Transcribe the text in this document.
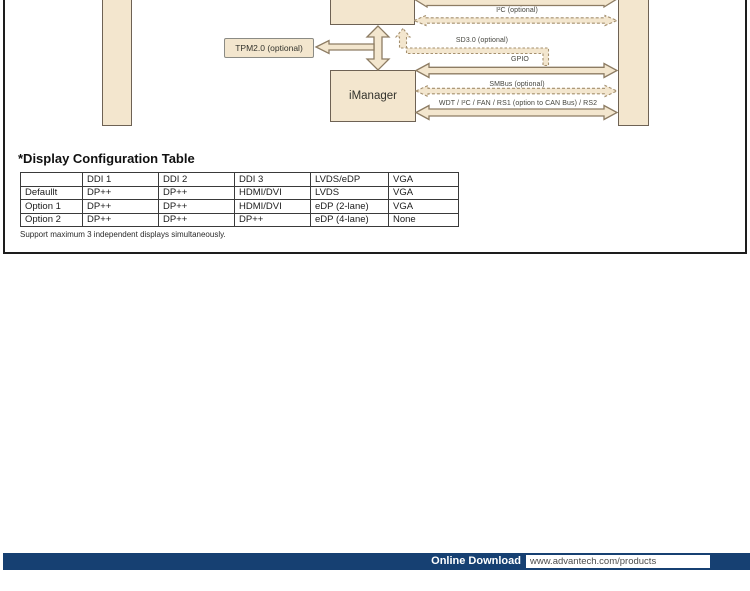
iManager
TPM2.0 (optional)
I²C (optional)
SD3.0 (optional)
GPIO
SMBus (optional)
WDT / I²C / FAN / RS1 (option to CAN Bus) / RS2
*Display Configuration Table
	DDI 1	DDI 2	DDI 3	LVDS/eDP	VGA
Defaullt	DP++	DP++	HDMI/DVI	LVDS	VGA
Option 1	DP++	DP++	HDMI/DVI	eDP (2-lane)	VGA
Option 2	DP++	DP++	DP++	eDP (4-lane)	None
Support maximum 3 independent displays simultaneously.
Online Download www.advantech.com/products
